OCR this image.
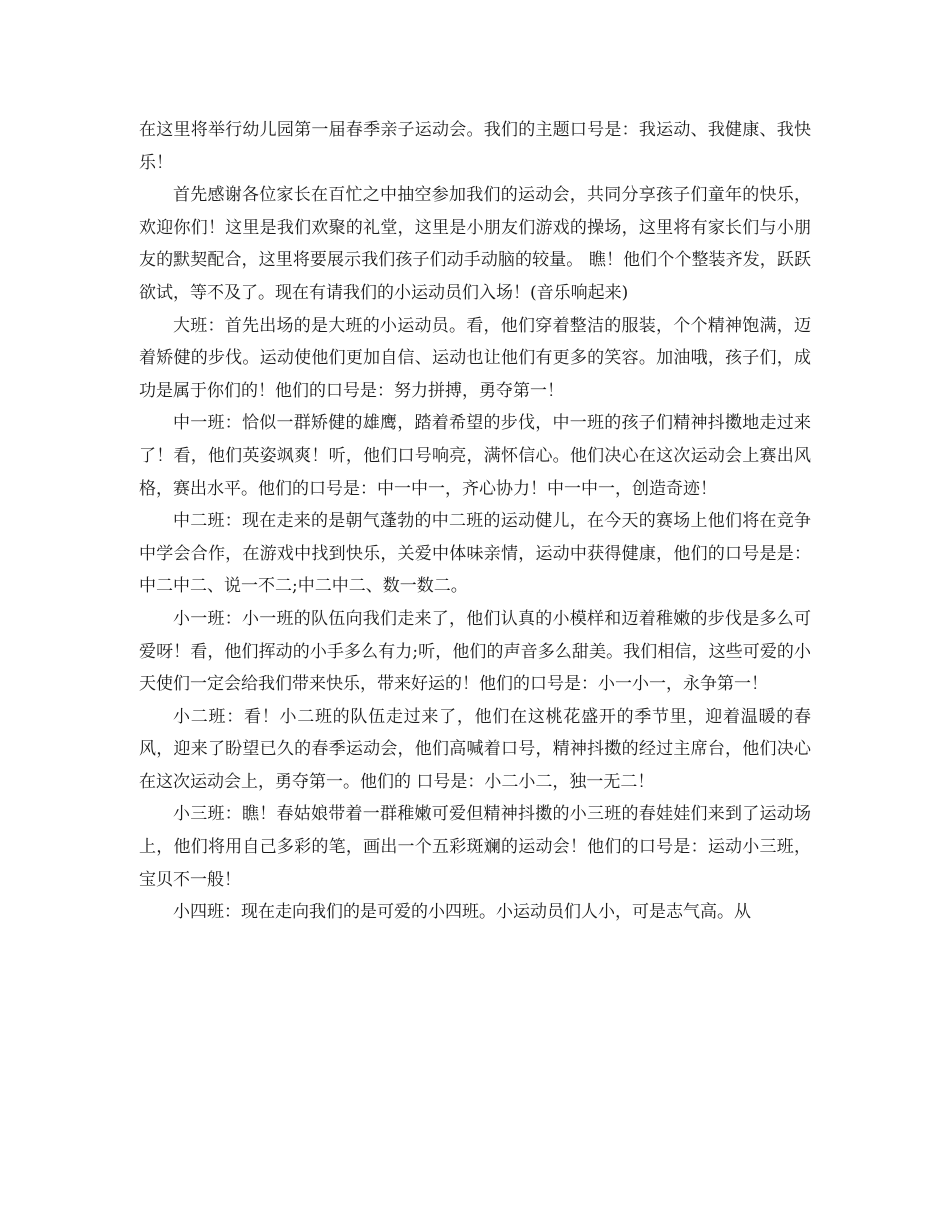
在这里将举行幼儿园第一届春季亲子运动会。我们的主题口号是：我运动、我健康、我快乐！

首先感谢各位家长在百忙之中抽空参加我们的运动会，共同分享孩子们童年的快乐，欢迎你们！这里是我们欢聚的礼堂，这里是小朋友们游戏的操场，这里将有家长们与小朋友的默契配合，这里将要展示我们孩子们动手动脑的较量。 瞧！他们个个整装齐发，跃跃欲试，等不及了。现在有请我们的小运动员们入场！(音乐响起来)

大班：首先出场的是大班的小运动员。看，他们穿着整洁的服装，个个精神饱满，迈着矫健的步伐。运动使他们更加自信、运动也让他们有更多的笑容。加油哦，孩子们，成功是属于你们的！他们的口号是：努力拼搏，勇夺第一！

中一班：恰似一群矫健的雄鹰，踏着希望的步伐，中一班的孩子们精神抖擞地走过来了！看，他们英姿飒爽！听，他们口号响亮，满怀信心。他们决心在这次运动会上赛出风格，赛出水平。他们的口号是：中一中一，齐心协力！中一中一，创造奇迹！

中二班：现在走来的是朝气蓬勃的中二班的运动健儿，在今天的赛场上他们将在竞争中学会合作，在游戏中找到快乐，关爱中体味亲情，运动中获得健康，他们的口号是是：中二中二、说一不二;中二中二、数一数二。

小一班：小一班的队伍向我们走来了，他们认真的小模样和迈着稚嫩的步伐是多么可爱呀！看，他们挥动的小手多么有力;听，他们的声音多么甜美。我们相信，这些可爱的小天使们一定会给我们带来快乐，带来好运的！他们的口号是：小一小一，永争第一！

小二班：看！小二班的队伍走过来了，他们在这桃花盛开的季节里，迎着温暖的春风，迎来了盼望已久的春季运动会，他们高喊着口号，精神抖擞的经过主席台，他们决心在这次运动会上，勇夺第一。他们的 口号是：小二小二，独一无二！

小三班：瞧！春姑娘带着一群稚嫩可爱但精神抖擞的小三班的春娃娃们来到了运动场上，他们将用自己多彩的笔，画出一个五彩斑斓的运动会！他们的口号是：运动小三班，宝贝不一般！

小四班：现在走向我们的是可爱的小四班。小运动员们人小，可是志气高。从
